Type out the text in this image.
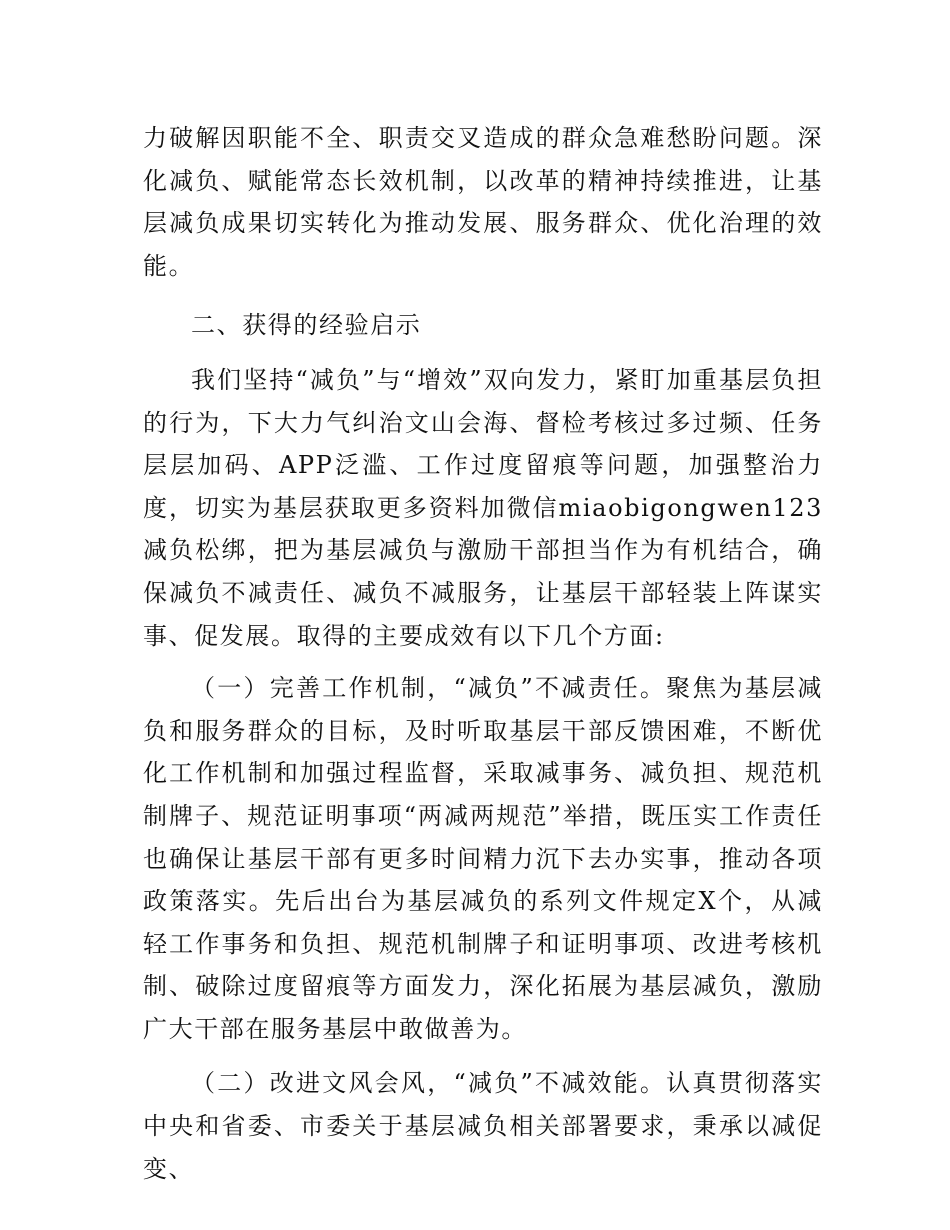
力破解因职能不全、职责交叉造成的群众急难愁盼问题。深化减负、赋能常态长效机制，以改革的精神持续推进，让基层减负成果切实转化为推动发展、服务群众、优化治理的效能。

二、获得的经验启示

我们坚持“减负”与“增效”双向发力，紧盯加重基层负担的行为，下大力气纠治文山会海、督检考核过多过频、任务层层加码、APP泛滥、工作过度留痕等问题，加强整治力度，切实为基层获取更多资料加微信miaobigongwen123减负松绑，把为基层减负与激励干部担当作为有机结合，确保减负不减责任、减负不减服务，让基层干部轻装上阵谋实事、促发展。取得的主要成效有以下几个方面:

（一）完善工作机制，“减负”不减责任。聚焦为基层减负和服务群众的目标，及时听取基层干部反馈困难，不断优化工作机制和加强过程监督，采取减事务、减负担、规范机制牌子、规范证明事项“两减两规范”举措，既压实工作责任也确保让基层干部有更多时间精力沉下去办实事，推动各项政策落实。先后出台为基层减负的系列文件规定X个，从减轻工作事务和负担、规范机制牌子和证明事项、改进考核机制、破除过度留痕等方面发力，深化拓展为基层减负，激励广大干部在服务基层中敢做善为。

（二）改进文风会风，“减负”不减效能。认真贯彻落实中央和省委、市委关于基层减负相关部署要求，秉承以减促变、
